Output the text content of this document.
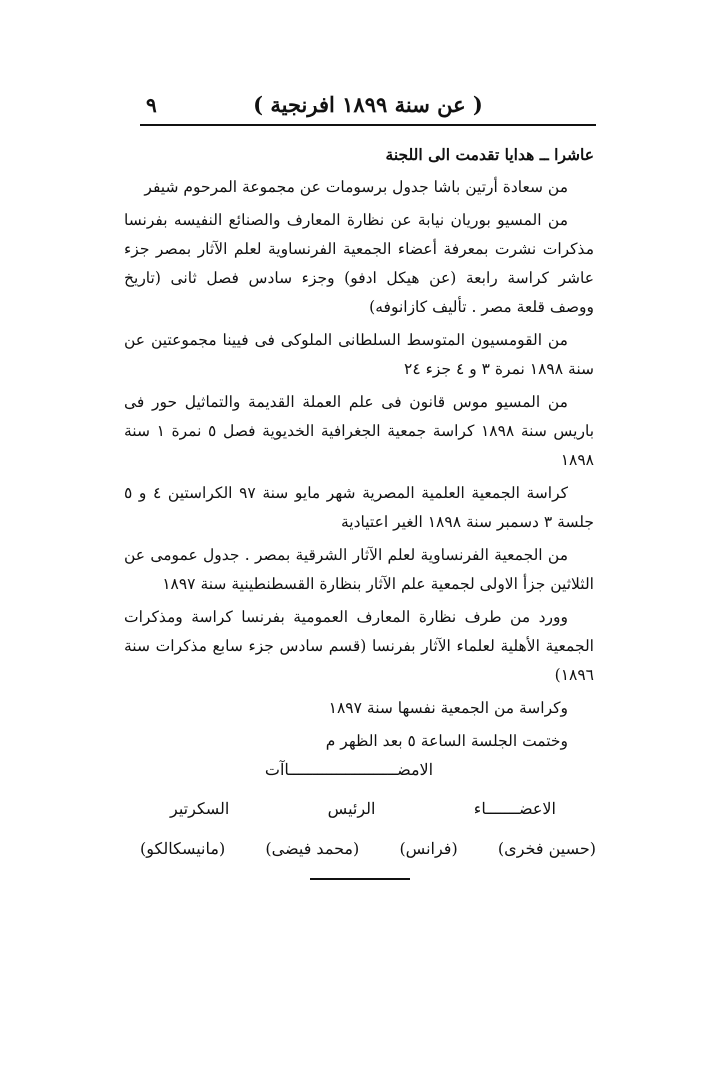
( عن سنة ١٨٩٩ افرنجية )
٩

عاشرا ــ هدايا تقدمت الى اللجنة

من سعادة أرتين باشا جدول برسومات عن مجموعة المرحوم شيفر

من المسيو بوريان نيابة عن نظارة المعارف والصنائع النفيسه بفرنسا مذكرات نشرت بمعرفة أعضاء الجمعية الفرنساوية لعلم الآثار بمصر جزء عاشر كراسة رابعة (عن هيكل ادفو) وجزء سادس فصل ثانى (تاريخ ووصف قلعة مصر . تأليف كازانوفه)

من القومسيون المتوسط السلطانى الملوكى فى فيينا مجموعتين عن سنة ١٨٩٨ نمرة ٣ و ٤ جزء ٢٤

من المسيو موس قانون فى علم العملة القديمة والتماثيل حور فى باريس سنة ١٨٩٨ كراسة جمعية الجغرافية الخديوية فصل ٥ نمرة ١ سنة ١٨٩٨

كراسة الجمعية العلمية المصرية شهر مايو سنة ٩٧ الكراستين ٤ و ٥ جلسة ٣ دسمبر سنة ١٨٩٨ الغير اعتيادية

من الجمعية الفرنساوية لعلم الآثار الشرقية بمصر . جدول عمومى عن الثلاثين جزأ الاولى لجمعية علم الآثار بنظارة القسطنطينية سنة ١٨٩٧

وورد من طرف نظارة المعارف العمومية بفرنسا كراسة ومذكرات الجمعية الأهلية لعلماء الآثار بفرنسا (قسم سادس جزء سابع مذكرات سنة ١٨٩٦)

وكراسة من الجمعية نفسها سنة ١٨٩٧

وختمت الجلسة الساعة ٥ بعد الظهر م

الامضـــــــــــــــــــــــاآت
الاعضـــــــاء
الرئيس
السكرتير
(حسين فخرى)
(فرانس)
(محمد فيضى)
(مانيسكالكو)
